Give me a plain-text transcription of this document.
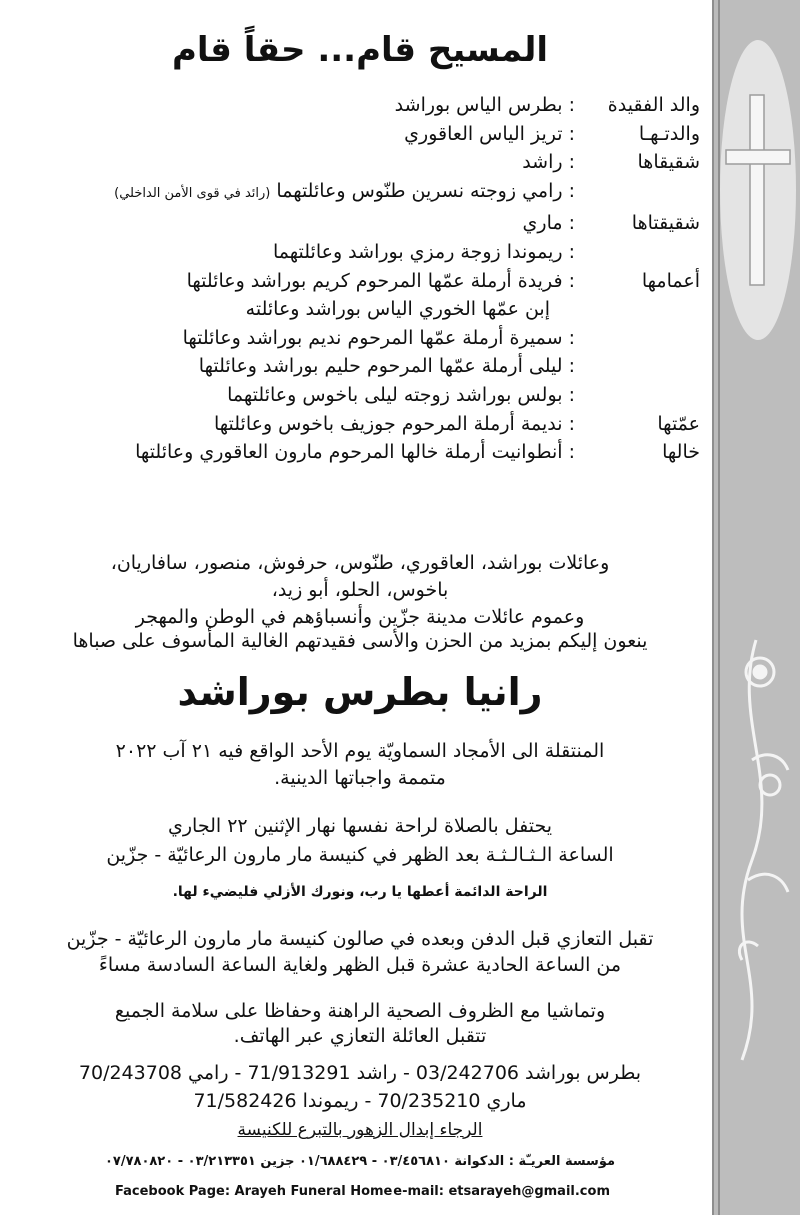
المسيح قام... حقاً قام
والد الفقيدة
: بطرس الياس بوراشد
والدتـهـا
: تريز الياس العاقوري
شقيقاها
: راشد
: رامي زوجته نسرين طنّوس وعائلتهما (رائد في قوى الأمن الداخلي)
شقيقتاها
: ماري
: ريموندا زوجة رمزي بوراشد وعائلتهما
أعمامها
: فريدة أرملة عمّها المرحوم كريم بوراشد وعائلتها
إبن عمّها الخوري الياس بوراشد وعائلته
: سميرة أرملة عمّها المرحوم نديم بوراشد وعائلتها
: ليلى أرملة عمّها المرحوم حليم بوراشد وعائلتها
: بولس بوراشد زوجته ليلى باخوس وعائلتهما
عمّتها
: نديمة أرملة المرحوم جوزيف باخوس وعائلتها
خالها
: أنطوانيت أرملة خالها المرحوم مارون العاقوري وعائلتها
وعائلات بوراشد، العاقوري، طنّوس، حرفوش، منصور، سافاريان،
باخوس، الحلو، أبو زيد،
وعموم عائلات مدينة جزّين وأنسباؤهم في الوطن والمهجر
ينعون إليكم بمزيد من الحزن والأسى فقيدتهم الغالية المأسوف على صباها
رانيا بطرس بوراشد
المنتقلة الى الأمجاد السماويّة يوم الأحد الواقع فيه ٢١ آب ٢٠٢٢
متممة واجباتها الدينية.
يحتفل بالصلاة لراحة نفسها نهار الإثنين ٢٢ الجاري
الساعة الـثـالـثـة بعد الظهر في كنيسة مار مارون الرعائيّة - جزّين
الراحة الدائمة أعطها يا رب، ونورك الأزلي فليضيء لها.
تقبل التعازي قبل الدفن وبعده في صالون كنيسة مار مارون الرعائيّة - جزّين
من الساعة الحادية عشرة قبل الظهر ولغاية الساعة السادسة مساءً
وتماشيا مع الظروف الصحية الراهنة وحفاظا على سلامة الجميع
تتقبل العائلة التعازي عبر الهاتف.
بطرس بوراشد 03/242706 - راشد 71/913291 - رامي 70/243708
ماري 70/235210 - ريموندا 71/582426
الرجاء إبدال الزهور بالتبرع للكنيسة
مؤسسة العريـّة : الدكوانة ٠٣/٤٥٦٨١٠ - ٠١/٦٨٨٤٢٩ جزين ٠٣/٢١٣٣٥١ - ٠٧/٧٨٠٨٢٠
Facebook Page: Arayeh Funeral Home e-mail: etsarayeh@gmail.com
